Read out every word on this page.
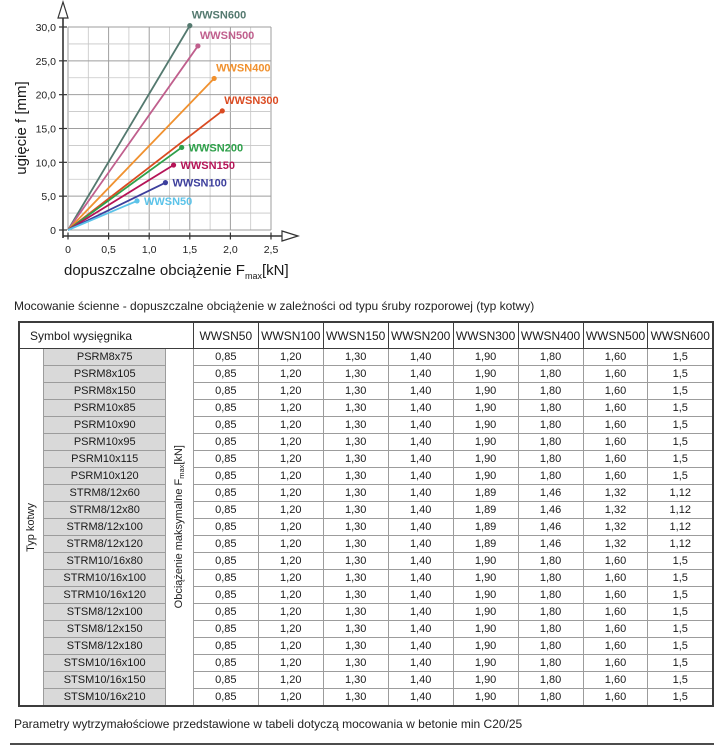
0
5,0
10,0
15,0
20,0
25,0
30,0
0	0,5 1,0 1,5 2,0 2,5
WWSN600
WWSN500
WWSN400
WWSN300
WWSN200
WWSN150
WWSN100
WWSN50
ugięcie f [mm]
dopuszczalne obciążenie $F_{max}[kN]$

Mocowanie ścienne - dopuszczalne obciążenie w zależności od typu śruby rozporowej (typ kotwy)

Symbol wysięgnika			WWSN50	WWSN100	WWSN150	WWSN200	WWSN300	WWSN400	WWSN500	WWSN600

Typ kotwy	PSRM8x75	Obciążenie maksymalne $F_{max}[kN]$	0,85	1,20	1,30	1,40	1,90	1,80	1,60	1,5
	PSRM8x105		0,85	1,20	1,30	1,40	1,90	1,80	1,60	1,5
	PSRM8x150		0,85	1,20	1,30	1,40	1,90	1,80	1,60	1,5
	PSRM10x85		0,85	1,20	1,30	1,40	1,90	1,80	1,60	1,5
	PSRM10x90		0,85	1,20	1,30	1,40	1,90	1,80	1,60	1,5
	PSRM10x95		0,85	1,20	1,30	1,40	1,90	1,80	1,60	1,5
	PSRM10x115		0,85	1,20	1,30	1,40	1,90	1,80	1,60	1,5
	PSRM10x120		0,85	1,20	1,30	1,40	1,90	1,80	1,60	1,5
	STRM8/12x60		0,85	1,20	1,30	1,40	1,89	1,46	1,32	1,12
	STRM8/12x80		0,85	1,20	1,30	1,40	1,89	1,46	1,32	1,12
	STRM8/12x100		0,85	1,20	1,30	1,40	1,89	1,46	1,32	1,12
	STRM8/12x120		0,85	1,20	1,30	1,40	1,89	1,46	1,32	1,12
	STRM10/16x80		0,85	1,20	1,30	1,40	1,90	1,80	1,60	1,5
	STRM10/16x100		0,85	1,20	1,30	1,40	1,90	1,80	1,60	1,5
	STRM10/16x120		0,85	1,20	1,30	1,40	1,90	1,80	1,60	1,5
	STSM8/12x100		0,85	1,20	1,30	1,40	1,90	1,80	1,60	1,5
	STSM8/12x150		0,85	1,20	1,30	1,40	1,90	1,80	1,60	1,5
	STSM8/12x180		0,85	1,20	1,30	1,40	1,90	1,80	1,60	1,5
	STSM10/16x100		0,85	1,20	1,30	1,40	1,90	1,80	1,60	1,5
	STSM10/16x150		0,85	1,20	1,30	1,40	1,90	1,80	1,60	1,5
	STSM10/16x210		0,85	1,20	1,30	1,40	1,90	1,80	1,60	1,5

Parametry wytrzymałościowe przedstawione w tabeli dotyczą mocowania w betonie min C20/25
